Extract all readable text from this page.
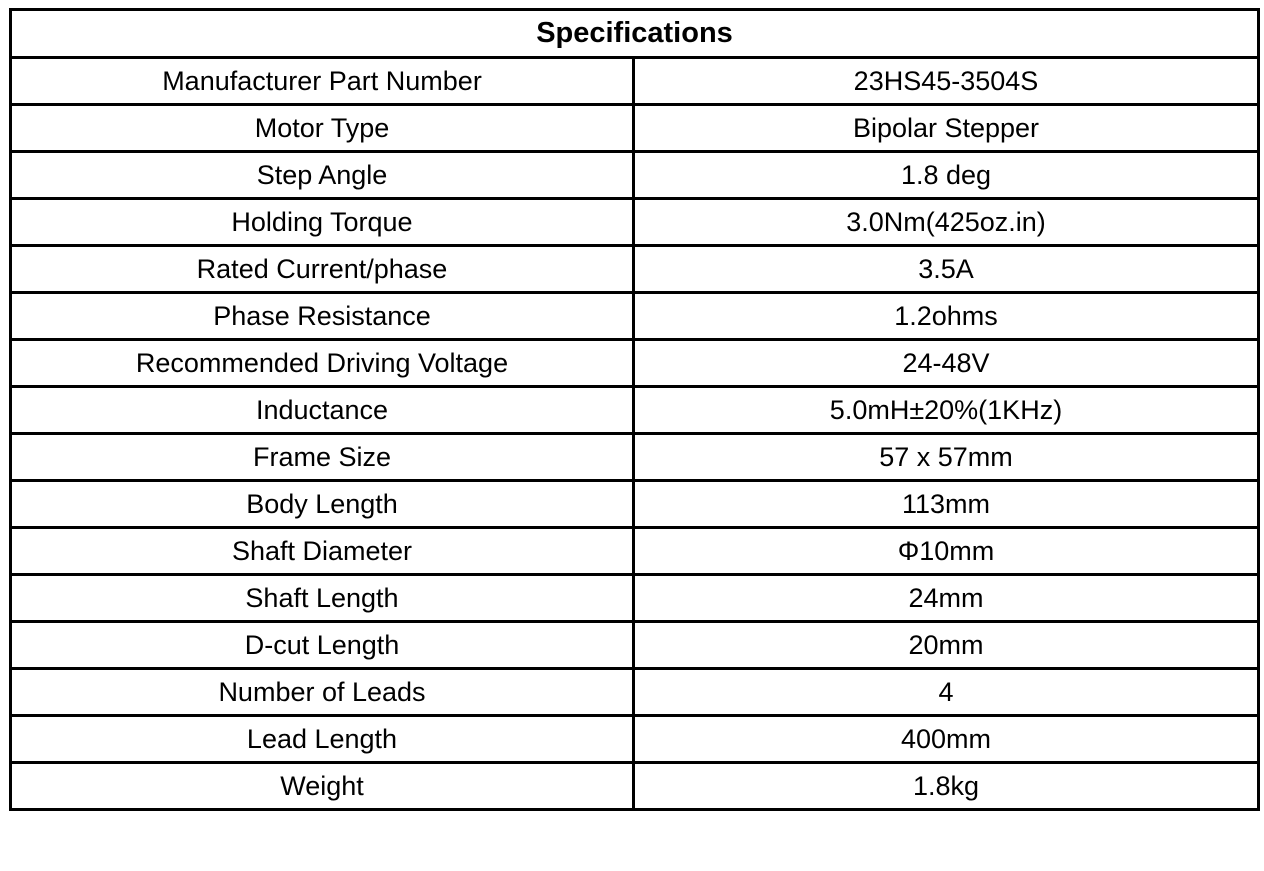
Specifications	
Manufacturer Part Number	23HS45-3504S
Motor Type	Bipolar Stepper
Step Angle	1.8 deg
Holding Torque	3.0Nm(425oz.in)
Rated Current/phase	3.5A
Phase Resistance	1.2ohms
Recommended Driving Voltage	24-48V
Inductance	5.0mH±20%(1KHz)
Frame Size	57 x 57mm
Body Length	113mm
Shaft Diameter	Φ10mm
Shaft Length	24mm
D-cut Length	20mm
Number of Leads	4
Lead Length	400mm
Weight	1.8kg
